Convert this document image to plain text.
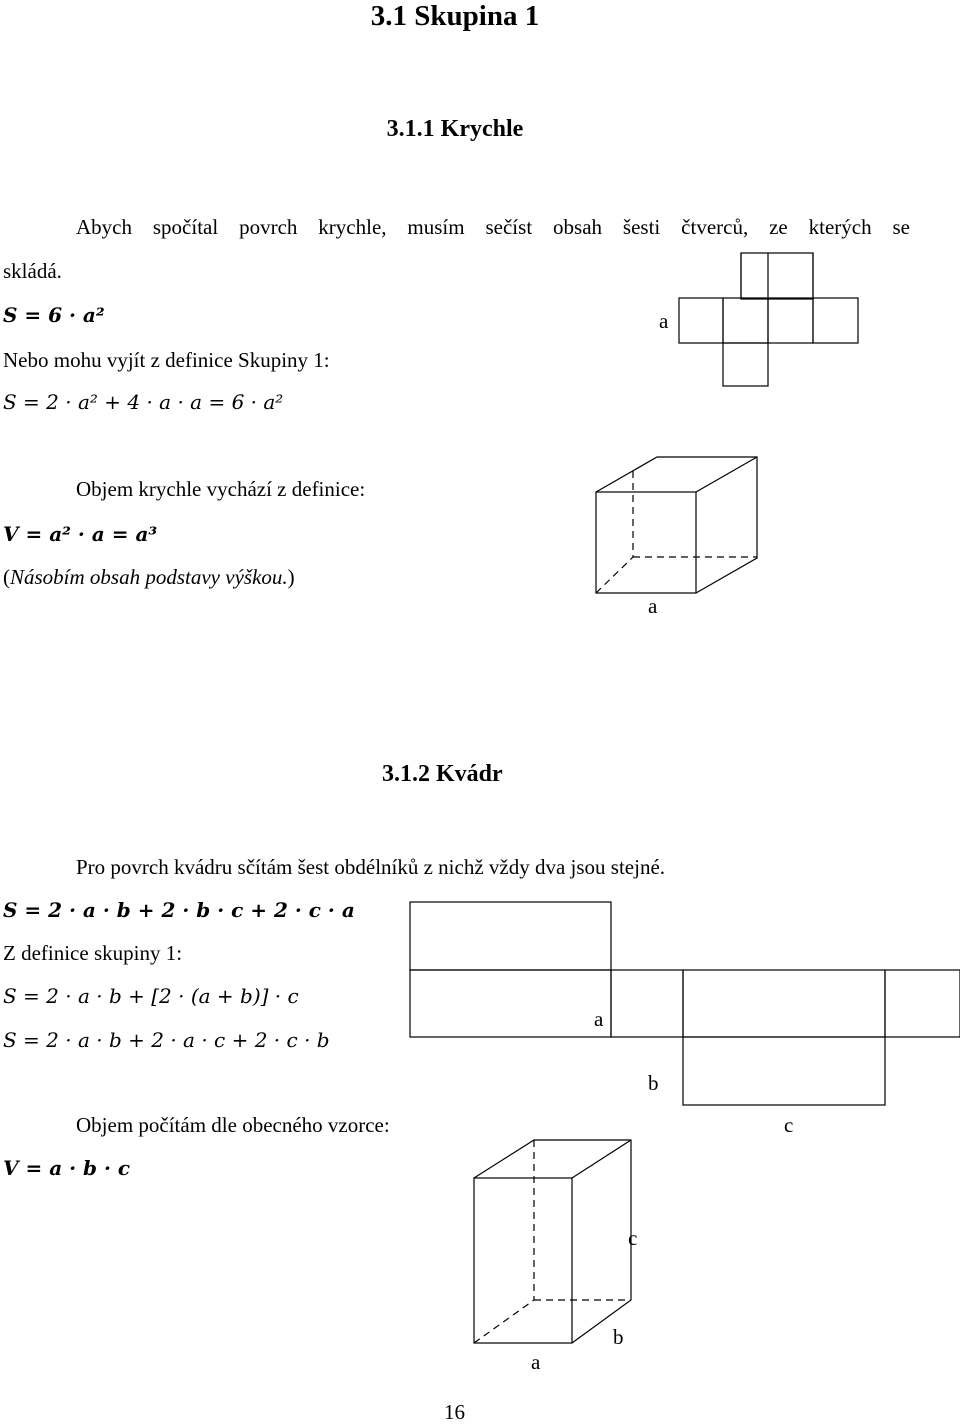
3.1 Skupina 1
3.1.1 Krychle
Abych spočítal povrch krychle, musím sečíst obsah šesti čtverců, ze kterých se
skládá.
S = 6 · a²
Nebo mohu vyjít z definice Skupiny 1:
S = 2 · a² + 4 · a · a = 6 · a²
a
Objem krychle vychází z definice:
V = a² · a = a³
(Násobím obsah podstavy výškou.)
a
3.1.2 Kvádr
Pro povrch kvádru sčítám šest obdélníků z nichž vždy dva jsou stejné.
S = 2 · a · b + 2 · b · c + 2 · c · a
Z definice skupiny 1:
S = 2 · a · b + [2 · (a + b)] · c
S = 2 · a · b + 2 · a · c + 2 · c · b
a
b
c
Objem počítám dle obecného vzorce:
V = a · b · c
c
b
a
16
